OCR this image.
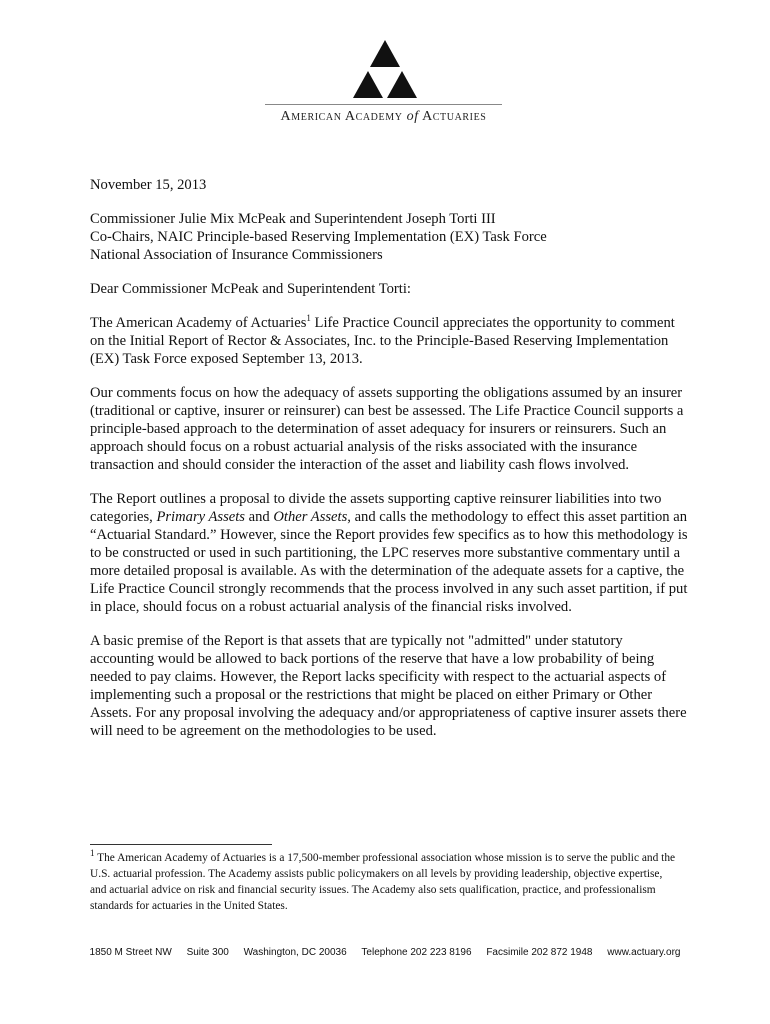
American Academy of Actuaries

November 15, 2013

Commissioner Julie Mix McPeak and Superintendent Joseph Torti III
Co-Chairs, NAIC Principle-based Reserving Implementation (EX) Task Force
National Association of Insurance Commissioners

Dear Commissioner McPeak and Superintendent Torti:

The American Academy of Actuaries$^1$ Life Practice Council appreciates the opportunity to comment on the Initial Report of Rector & Associates, Inc. to the Principle-Based Reserving Implementation (EX) Task Force exposed September 13, 2013.

Our comments focus on how the adequacy of assets supporting the obligations assumed by an insurer (traditional or captive, insurer or reinsurer) can best be assessed. The Life Practice Council supports a principle-based approach to the determination of asset adequacy for insurers or reinsurers. Such an approach should focus on a robust actuarial analysis of the risks associated with the insurance transaction and should consider the interaction of the asset and liability cash flows involved.

The Report outlines a proposal to divide the assets supporting captive reinsurer liabilities into two categories, Primary Assets and Other Assets, and calls the methodology to effect this asset partition an “Actuarial Standard.” However, since the Report provides few specifics as to how this methodology is to be constructed or used in such partitioning, the LPC reserves more substantive commentary until a more detailed proposal is available. As with the determination of the adequate assets for a captive, the Life Practice Council strongly recommends that the process involved in any such asset partition, if put in place, should focus on a robust actuarial analysis of the financial risks involved.

A basic premise of the Report is that assets that are typically not "admitted" under statutory accounting would be allowed to back portions of the reserve that have a low probability of being needed to pay claims. However, the Report lacks specificity with respect to the actuarial aspects of implementing such a proposal or the restrictions that might be placed on either Primary or Other Assets. For any proposal involving the adequacy and/or appropriateness of captive insurer assets there will need to be agreement on the methodologies to be used.

$^1$ The American Academy of Actuaries is a 17,500-member professional association whose mission is to serve the public and the U.S. actuarial profession. The Academy assists public policymakers on all levels by providing leadership, objective expertise, and actuarial advice on risk and financial security issues. The Academy also sets qualification, practice, and professionalism standards for actuaries in the United States.
1850 M Street NW Suite 300 Washington, DC 20036 Telephone 202 223 8196 Facsimile 202 872 1948 www.actuary.org
